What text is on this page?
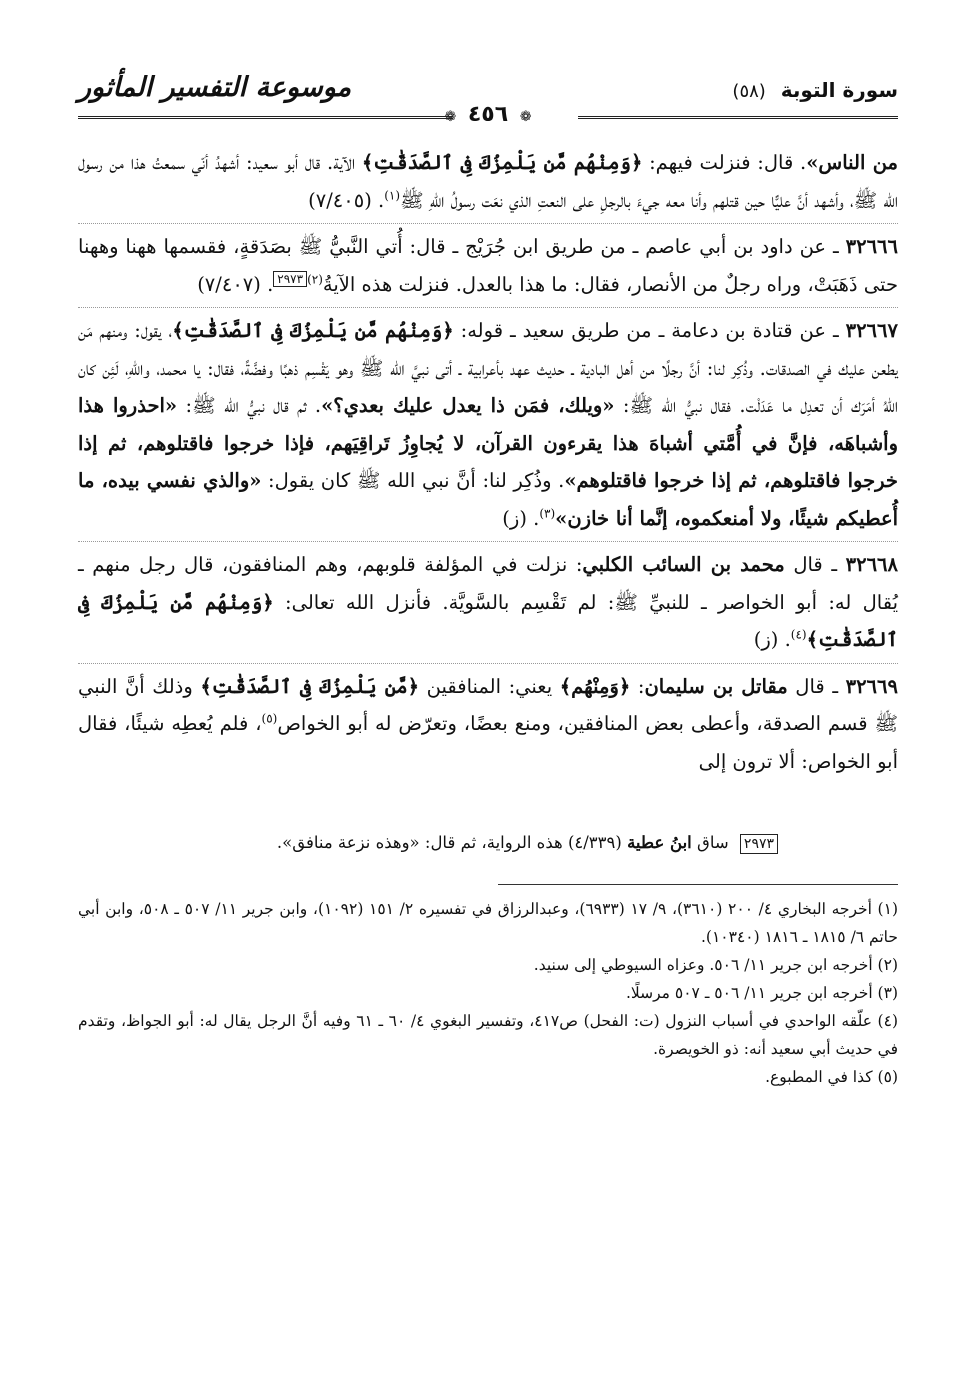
سورة التوبة (٥٨)
❁ ٤٥٦ ❁
موسوعة التفسير المأثور

من الناس». قال: فنزلت فيهم: ﴿وَمِنْهُم مَّن يَلْمِزُكَ فِى ٱلصَّدَقَٰتِ﴾ الآية. قال أبو سعيد: أشهدُ أنّي سمعتُ هذا من رسول الله ﷺ، وأشهد أنَّ عليًّا حين قتلهم وأنا معه جيءَ بالرجلِ على النعتِ الذي نعَت رسولُ اللهِ ﷺ$^{(١)}$. (٧/٤٠٥)

٣٢٦٦٦ ـ عن داود بن أبي عاصم ـ من طريق ابن جُرَيْج ـ قال: أُتي النَّبيُّ ﷺ بصَدَقةٍ، فقسمها ههنا وههنا حتى ذَهَبَتْ، وراه رجلٌ من الأنصار، فقال: ما هذا بالعدل. فنزلت هذه الآيةُ$^{(٢)}$٢٩٧٣. (٧/٤٠٧)

٣٢٦٦٧ ـ عن قتادة بن دعامة ـ من طريق سعيد ـ قوله: ﴿وَمِنْهُم مَّن يَلْمِزُكَ فِى ٱلصَّدَقَٰتِ﴾، يقول: ومنهم مَن يطعن عليك في الصدقات. وذُكِر لنا: أنَّ رجلًا من أهل البادية ـ حديث عهد بأعرابية ـ أتى نبيَّ الله ﷺ وهو يَقْسِم ذهبًا وفضَّةً، فقال: يا محمد، واللهِ، لَئِن كان اللهُ أمَرَك أن تعدِل ما عَدَلْت. فقال نبيُّ الله ﷺ: «ويلك، فمَن ذا يعدل عليك بعدي؟». ثم قال نبيُّ الله ﷺ: «احذروا هذا وأشباهَه، فإنَّ في أُمَّتي أشباهَ هذا يقرءون القرآن، لا يُجاوِزُ تَراقِيَهم، فإذا خرجوا فاقتلوهم، ثم إذا خرجوا فاقتلوهم، ثم إذا خرجوا فاقتلوهم». وذُكِر لنا: أنَّ نبي الله ﷺ كان يقول: «والذي نفسي بيده، ما أُعطيكم شيئًا، ولا أمنعكموه، إنَّما أنا خازن»$^{(٣)}$. (ز)

٣٢٦٦٨ ـ قال محمد بن السائب الكلبي: نزلت في المؤلفة قلوبهم، وهم المنافقون، قال رجل منهم ـ يُقال له: أبو الخواصر ـ للنبيِّ ﷺ: لم تَقْسِم بالسَّويَّة. فأنزل الله تعالى: ﴿وَمِنْهُم مَّن يَلْمِزُكَ فِى ٱلصَّدَقَٰتِ﴾$^{(٤)}$. (ز)

٣٢٦٦٩ ـ قال مقاتل بن سليمان: ﴿وَمِنْهُم﴾ يعني: المنافقين ﴿مَّن يَلْمِزُكَ فِى ٱلصَّدَقَٰتِ﴾ وذلك أنَّ النبي ﷺ قسم الصدقة، وأعطى بعض المنافقين، ومنع بعضًا، وتعرّض له أبو الخواص$^{(٥)}$، فلم يُعطِه شيئًا، فقال أبو الخواص: ألا ترون إلى

٢٩٧٣ ساق ابنُ عطية (٤/٣٣٩) هذه الرواية، ثم قال: «وهذه نزعة منافق».

(١) أخرجه البخاري ٤/ ٢٠٠ (٣٦١٠)، ٩/ ١٧ (٦٩٣٣)، وعبدالرزاق في تفسيره ٢/ ١٥١ (١٠٩٢)، وابن جرير ١١/ ٥٠٧ ـ ٥٠٨، وابن أبي حاتم ٦/ ١٨١٥ ـ ١٨١٦ (١٠٣٤٠).

(٢) أخرجه ابن جرير ١١/ ٥٠٦. وعزاه السيوطي إلى سنيد.

(٣) أخرجه ابن جرير ١١/ ٥٠٦ ـ ٥٠٧ مرسلًا.

(٤) علّقه الواحدي في أسباب النزول (ت: الفحل) ص٤١٧، وتفسير البغوي ٤/ ٦٠ ـ ٦١ وفيه أنَّ الرجل يقال له: أبو الجواظ، وتقدم في حديث أبي سعيد أنه: ذو الخويصرة.

(٥) كذا في المطبوع.
